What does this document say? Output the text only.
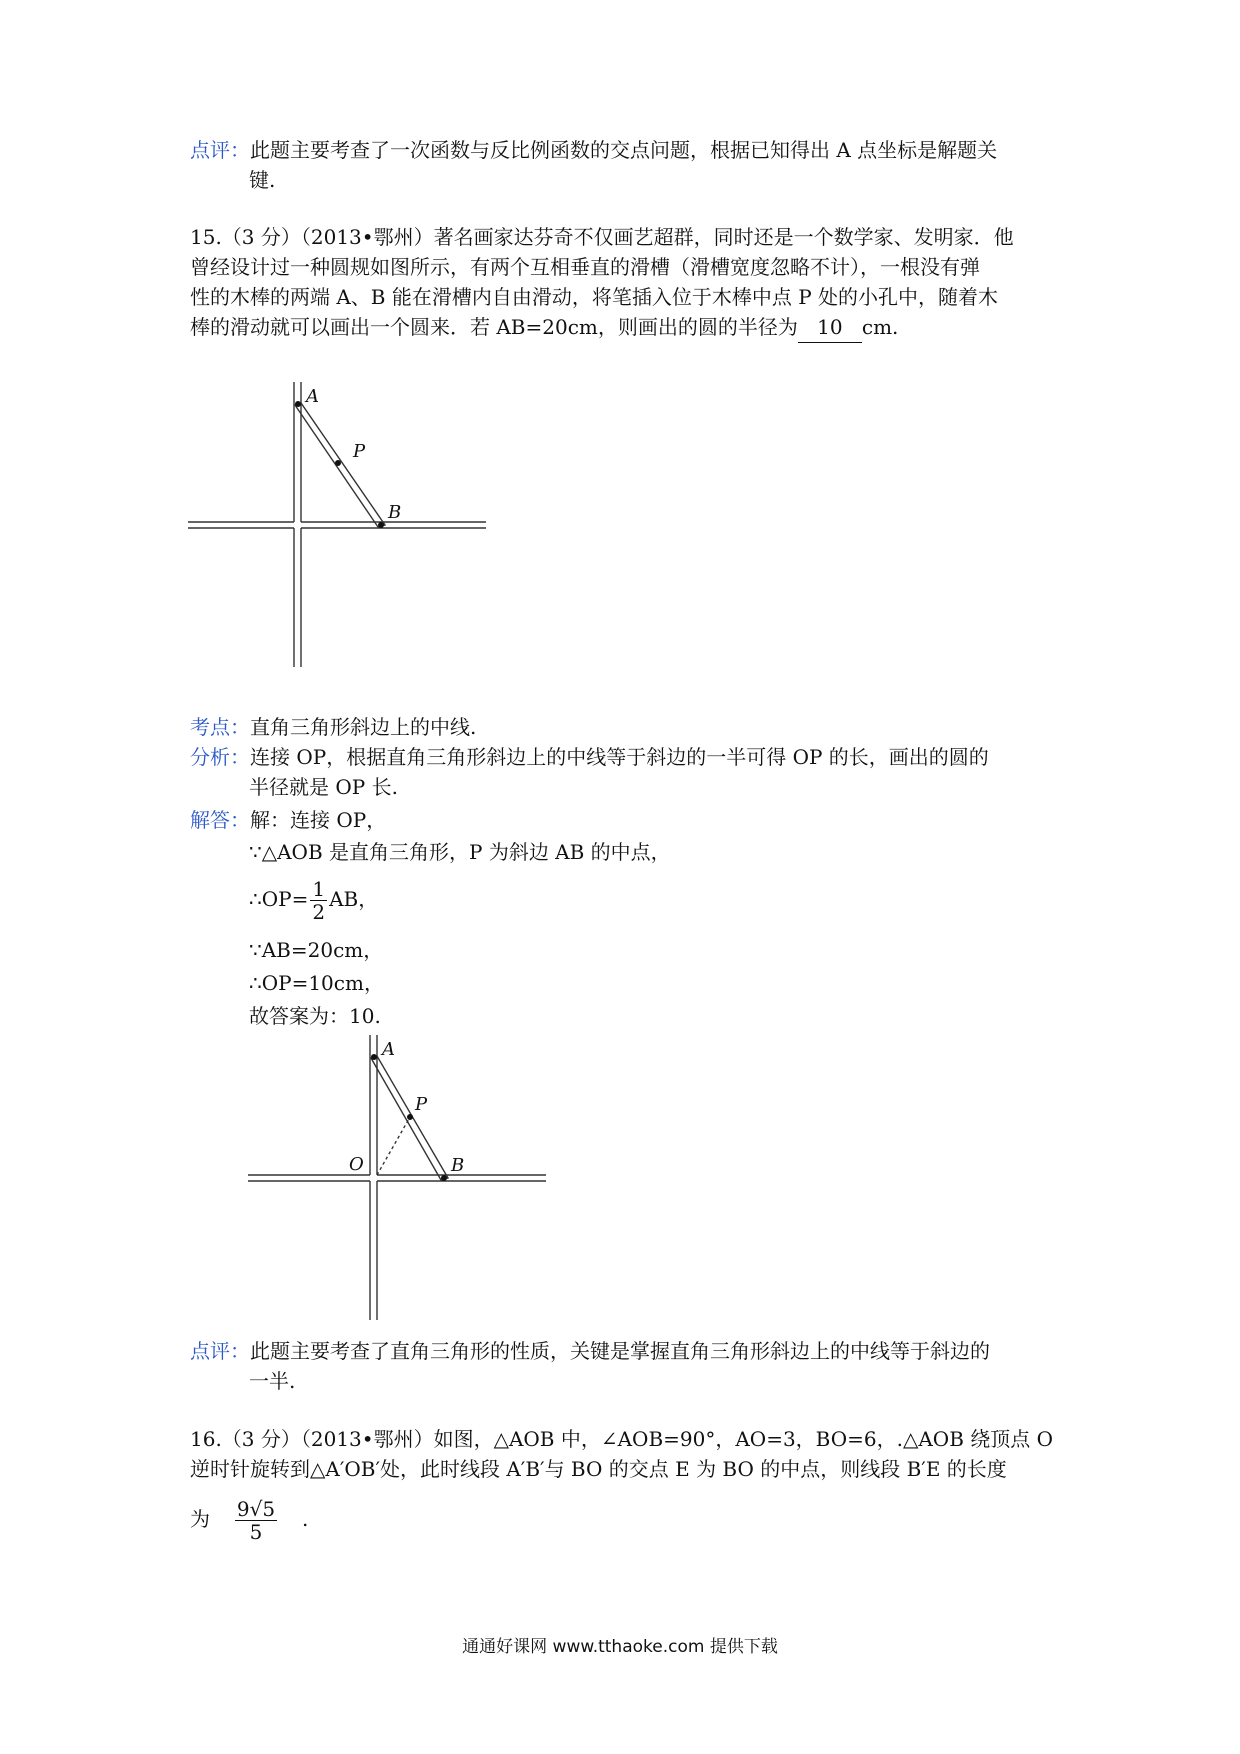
点评：此题主要考查了一次函数与反比例函数的交点问题，根据已知得出 A 点坐标是解题关
键.
15.（3 分）（2013•鄂州）著名画家达芬奇不仅画艺超群，同时还是一个数学家、发明家．他
曾经设计过一种圆规如图所示，有两个互相垂直的滑槽（滑槽宽度忽略不计），一根没有弹
性的木棒的两端 A、B 能在滑槽内自由滑动，将笔插入位于木棒中点 P 处的小孔中，随着木
棒的滑动就可以画出一个圆来．若 AB=20cm，则画出的圆的半径为 10 cm.
A
P
B
考点：直角三角形斜边上的中线.
分析：连接 OP，根据直角三角形斜边上的中线等于斜边的一半可得 OP 的长，画出的圆的
半径就是 OP 长.
解答：解：连接 OP，
∵△AOB 是直角三角形，P 为斜边 AB 的中点，
∴OP= $\frac{1}{2}$ AB，
∵AB=20cm，
∴OP=10cm，
故答案为：10.
A
P
B
O
点评：此题主要考查了直角三角形的性质，关键是掌握直角三角形斜边上的中线等于斜边的
一半.
16.（3 分）（2013•鄂州）如图，△AOB 中，∠AOB=90°，AO=3，BO=6，.△AOB 绕顶点 O
逆时针旋转到△A′OB′处，此时线段 A′B′与 BO 的交点 E 为 BO 的中点，则线段 B′E 的长度
为 $\frac{9√5}{5}$ .
通通好课网 www.tthaoke.com 提供下载
